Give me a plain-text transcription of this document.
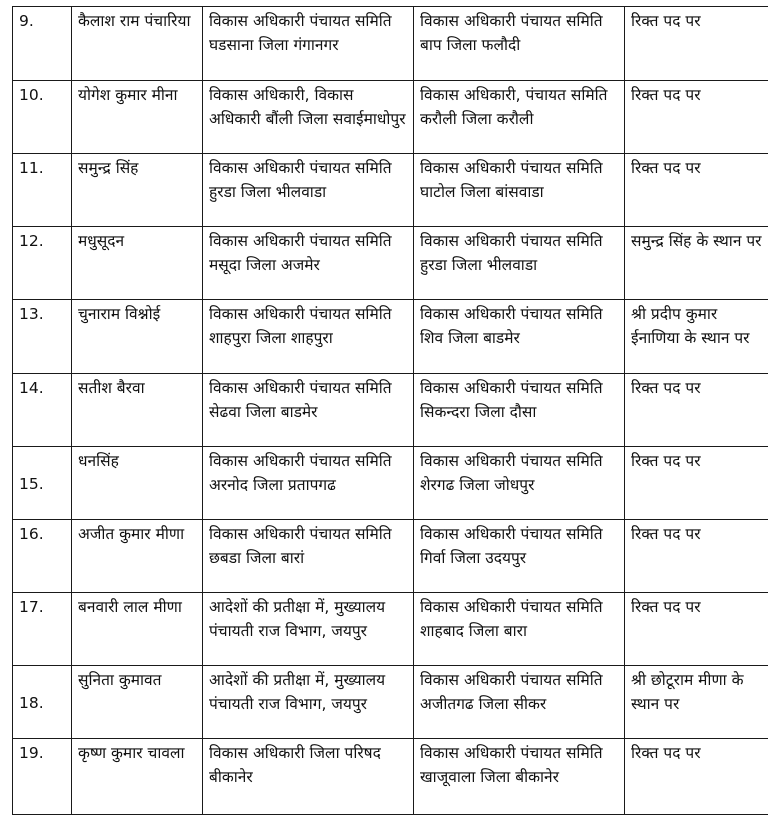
9.	कैलाश राम पंचारिया	विकास अधिकारी पंचायत समिति घडसाना जिला गंगानगर	विकास अधिकारी पंचायत समिति बाप जिला फलौदी	रिक्त पद पर
10.	योगेश कुमार मीना	विकास अधिकारी, विकास अधिकारी बौंली जिला सवाईमाधोपुर	विकास अधिकारी, पंचायत समिति करौली जिला करौली	रिक्त पद पर
11.	समुन्द्र सिंह	विकास अधिकारी पंचायत समिति हुरडा जिला भीलवाडा	विकास अधिकारी पंचायत समिति घाटोल जिला बांसवाडा	रिक्त पद पर
12.	मधुसूदन	विकास अधिकारी पंचायत समिति मसूदा जिला अजमेर	विकास अधिकारी पंचायत समिति हुरडा जिला भीलवाडा	समुन्द्र सिंह के स्थान पर
13.	चुनाराम विश्नोई	विकास अधिकारी पंचायत समिति शाहपुरा जिला शाहपुरा	विकास अधिकारी पंचायत समिति शिव जिला बाडमेर	श्री प्रदीप कुमार ईनाणिया के स्थान पर
14.	सतीश बैरवा	विकास अधिकारी पंचायत समिति सेढवा जिला बाडमेर	विकास अधिकारी पंचायत समिति सिकन्दरा जिला दौसा	रिक्त पद पर
15.	धनसिंह	विकास अधिकारी पंचायत समिति अरनोद जिला प्रतापगढ	विकास अधिकारी पंचायत समिति शेरगढ जिला जोधपुर	रिक्त पद पर
16.	अजीत कुमार मीणा	विकास अधिकारी पंचायत समिति छबडा जिला बारां	विकास अधिकारी पंचायत समिति गिर्वा जिला उदयपुर	रिक्त पद पर
17.	बनवारी लाल मीणा	आदेशों की प्रतीक्षा में, मुख्यालय पंचायती राज विभाग, जयपुर	विकास अधिकारी पंचायत समिति शाहबाद जिला बारा	रिक्त पद पर
18.	सुनिता कुमावत	आदेशों की प्रतीक्षा में, मुख्यालय पंचायती राज विभाग, जयपुर	विकास अधिकारी पंचायत समिति अजीतगढ जिला सीकर	श्री छोटूराम मीणा के स्थान पर
19.	कृष्ण कुमार चावला	विकास अधिकारी जिला परिषद बीकानेर	विकास अधिकारी पंचायत समिति खाजूवाला जिला बीकानेर	रिक्त पद पर
